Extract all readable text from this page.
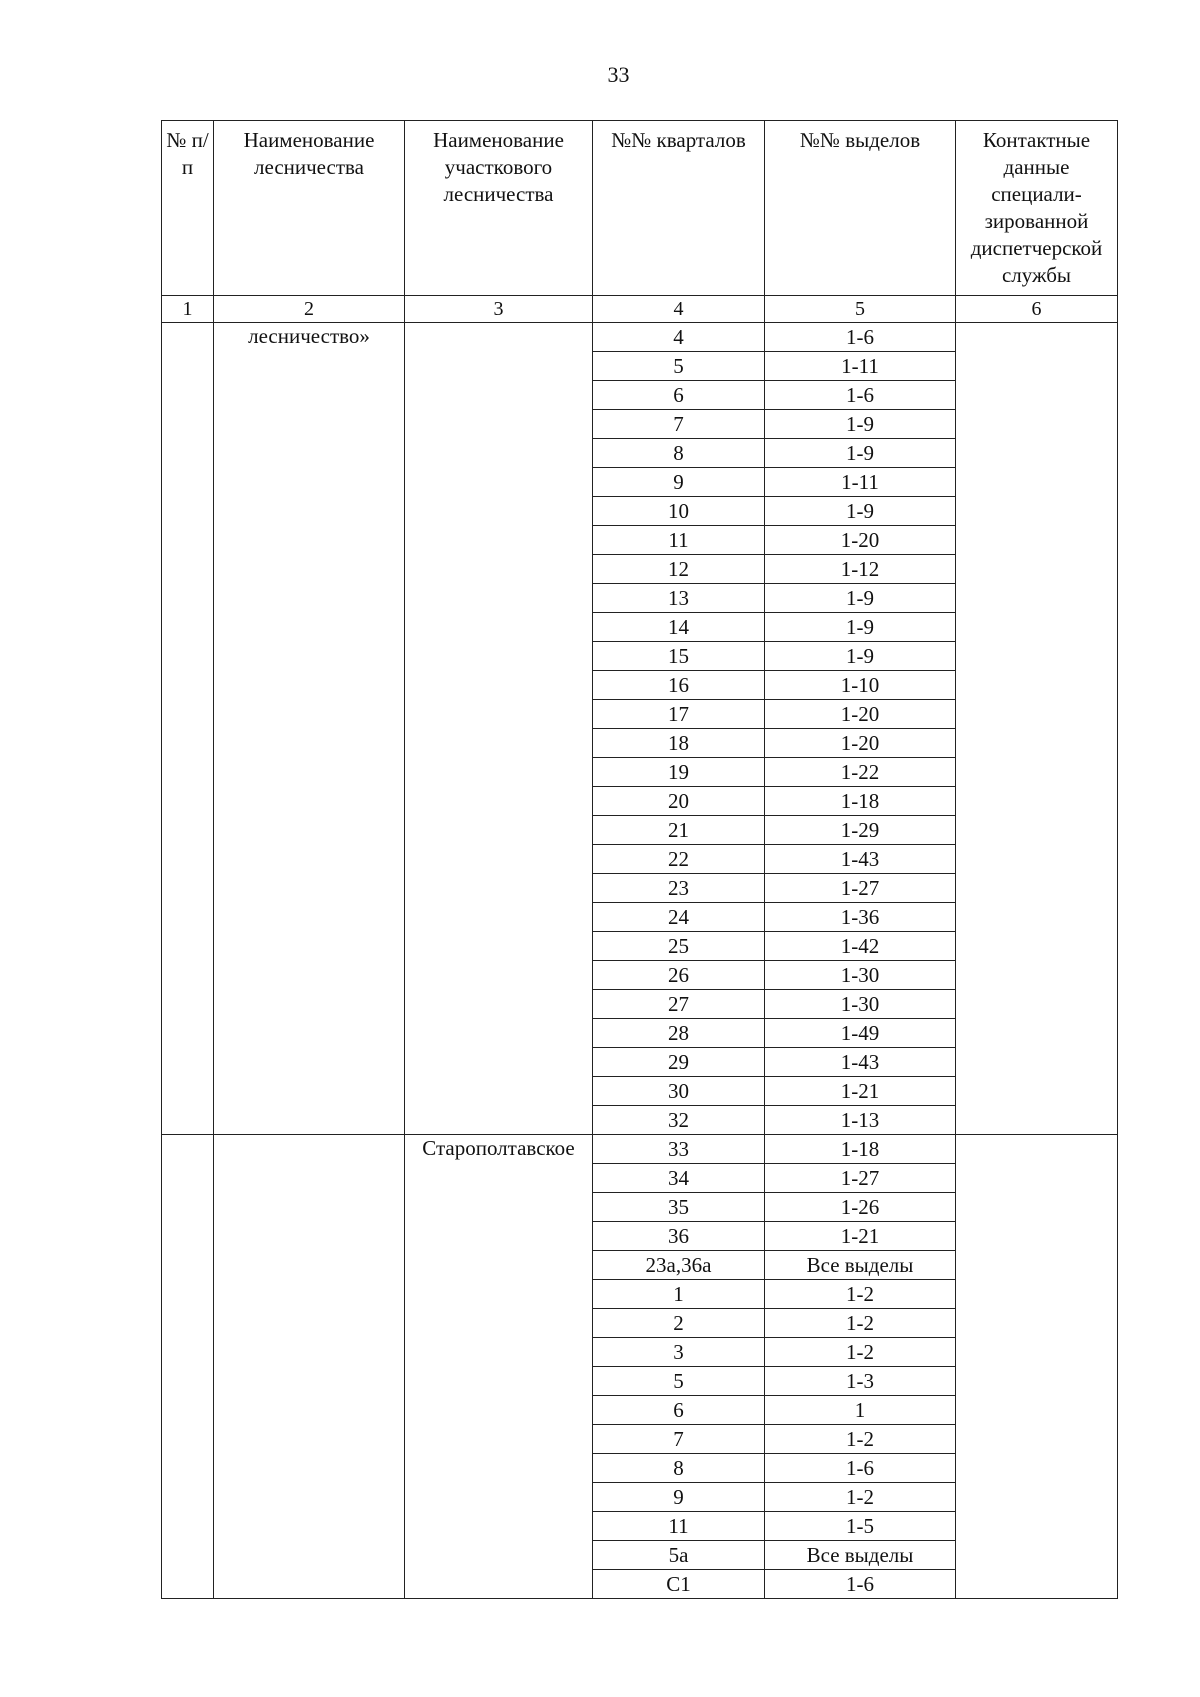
33
№ п/п	Наименование лесничества	Наименование участкового лесничества	№№ кварталов	№№ выделов	Контактные данные специали-зированной диспетчерской службы
1	2	3	4	5	6
	лесничество»		4	1-6	
			5	1-11	
			6	1-6	
			7	1-9	
			8	1-9	
			9	1-11	
			10	1-9	
			11	1-20	
			12	1-12	
			13	1-9	
			14	1-9	
			15	1-9	
			16	1-10	
			17	1-20	
			18	1-20	
			19	1-22	
			20	1-18	
			21	1-29	
			22	1-43	
			23	1-27	
			24	1-36	
			25	1-42	
			26	1-30	
			27	1-30	
			28	1-49	
			29	1-43	
			30	1-21	
			32	1-13	
		Старополтавское	33	1-18	
			34	1-27	
			35	1-26	
			36	1-21	
			23а,36а	Все выделы	
			1	1-2	
			2	1-2	
			3	1-2	
			5	1-3	
			6	1	
			7	1-2	
			8	1-6	
			9	1-2	
			11	1-5	
			5а	Все выделы	
			С1	1-6	
